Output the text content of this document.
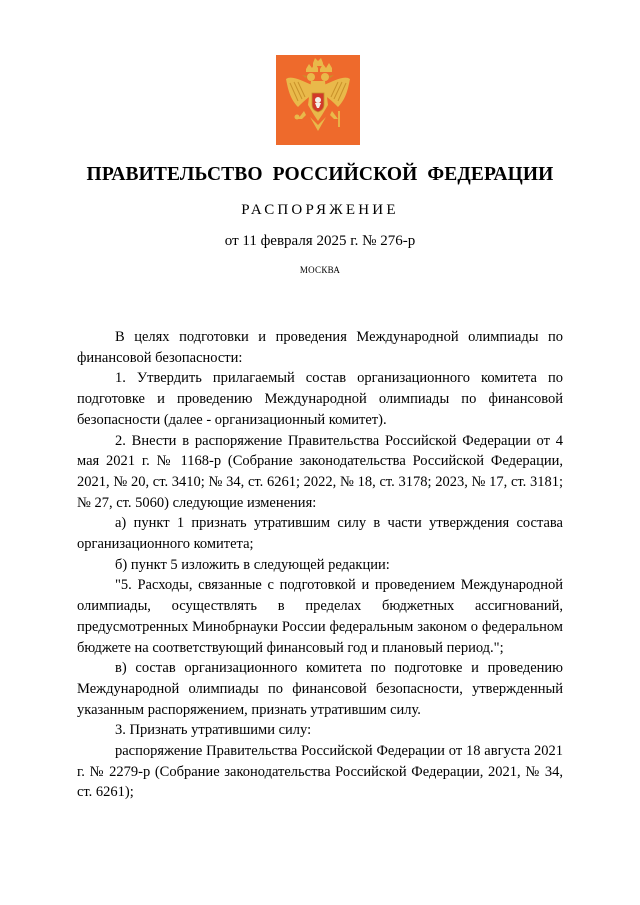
ПРАВИТЕЛЬСТВО РОССИЙСКОЙ ФЕДЕРАЦИИ
РАСПОРЯЖЕНИЕ
от 11 февраля 2025 г. № 276-р
МОСКВА

В целях подготовки и проведения Международной олимпиады по финансовой безопасности:

1. Утвердить прилагаемый состав организационного комитета по подготовке и проведению Международной олимпиады по финансовой безопасности (далее - организационный комитет).

2. Внести в распоряжение Правительства Российской Федерации от 4 мая 2021 г. № 1168-р (Собрание законодательства Российской Федерации, 2021, № 20, ст. 3410; № 34, ст. 6261; 2022, № 18, ст. 3178; 2023, № 17, ст. 3181; № 27, ст. 5060) следующие изменения:

а) пункт 1 признать утратившим силу в части утверждения состава организационного комитета;

б) пункт 5 изложить в следующей редакции:

"5. Расходы, связанные с подготовкой и проведением Международной олимпиады, осуществлять в пределах бюджетных ассигнований, предусмотренных Минобрнауки России федеральным законом о федеральном бюджете на соответствующий финансовый год и плановый период.";

в) состав организационного комитета по подготовке и проведению Международной олимпиады по финансовой безопасности, утвержденный указанным распоряжением, признать утратившим силу.

3. Признать утратившими силу:

распоряжение Правительства Российской Федерации от 18 августа 2021 г. № 2279-р (Собрание законодательства Российской Федерации, 2021, № 34, ст. 6261);
